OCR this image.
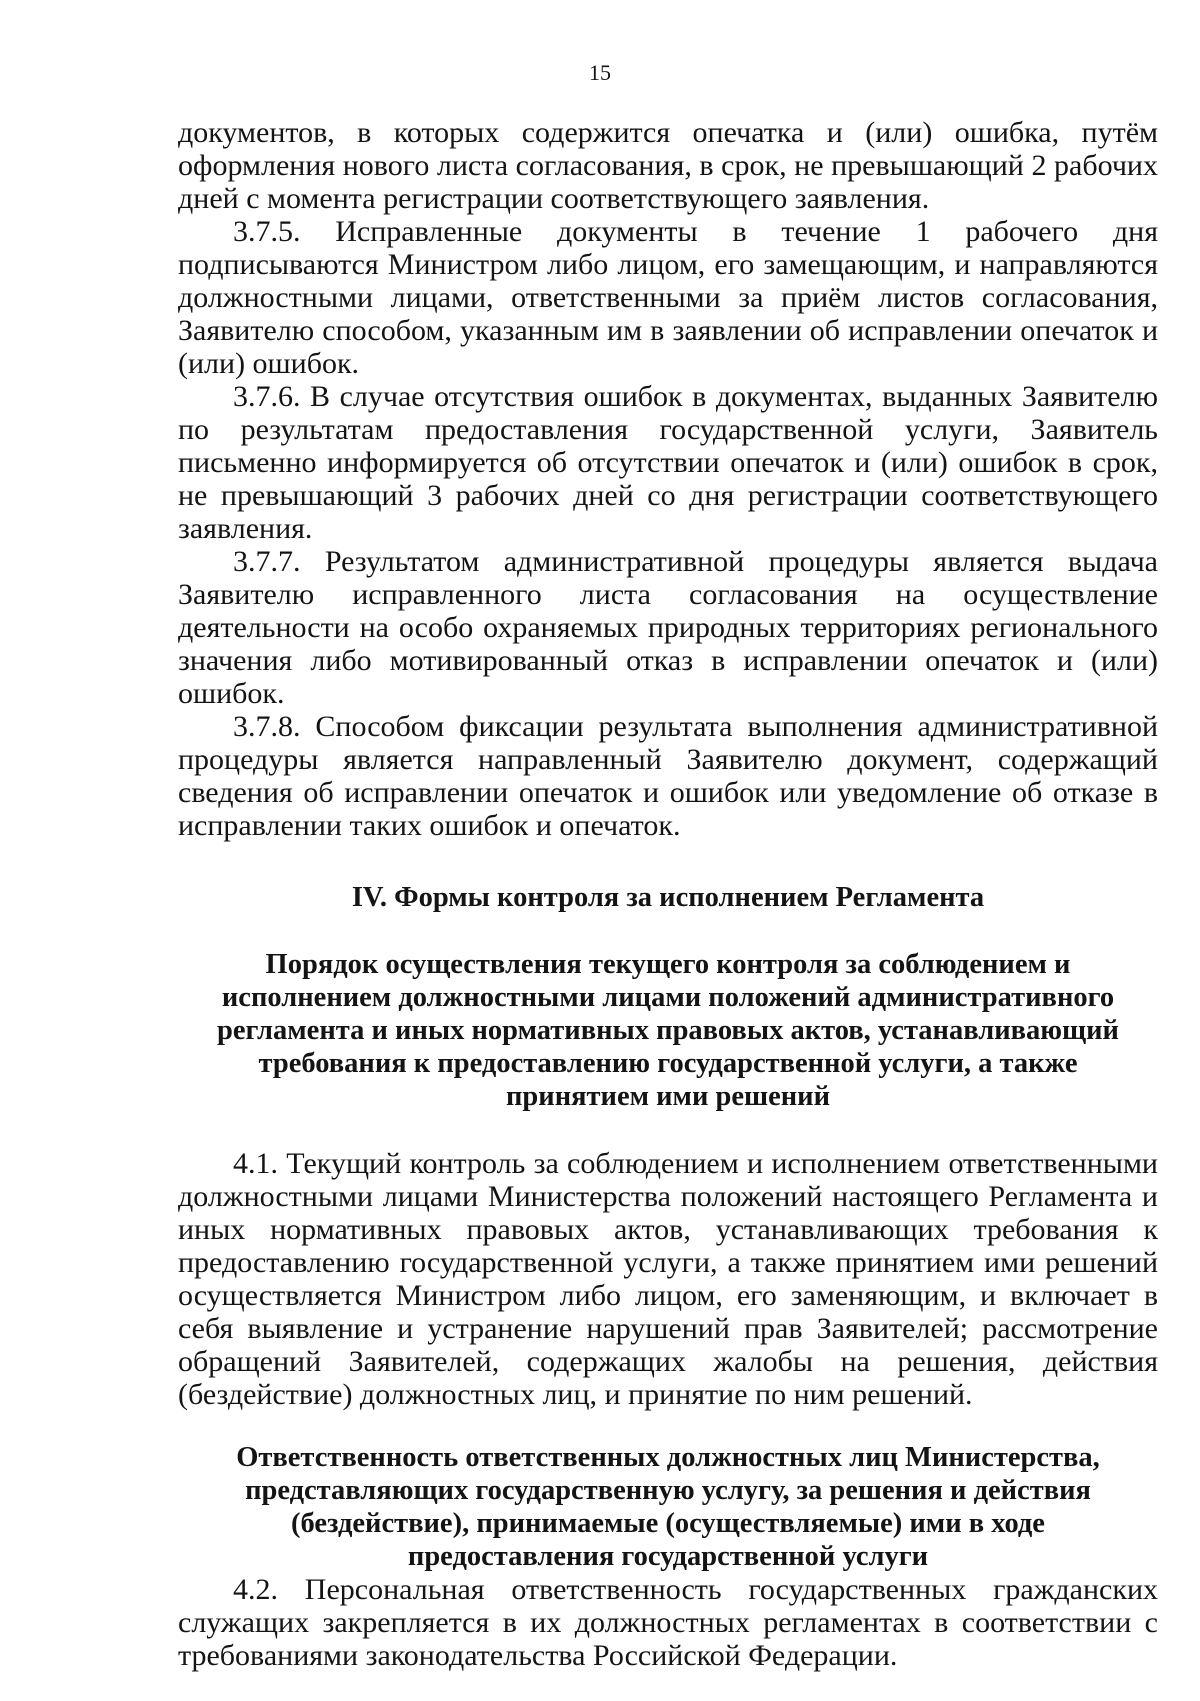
15

документов, в которых содержится опечатка и (или) ошибка, путём оформления нового листа согласования, в срок, не превышающий 2 рабочих дней с момента регистрации соответствующего заявления.

3.7.5. Исправленные документы в течение 1 рабочего дня подписываются Министром либо лицом, его замещающим, и направляются должностными лицами, ответственными за приём листов согласования, Заявителю способом, указанным им в заявлении об исправлении опечаток и (или) ошибок.

3.7.6. В случае отсутствия ошибок в документах, выданных Заявителю по результатам предоставления государственной услуги, Заявитель письменно информируется об отсутствии опечаток и (или) ошибок в срок, не превышающий 3 рабочих дней со дня регистрации соответствующего заявления.

3.7.7. Результатом административной процедуры является выдача Заявителю исправленного листа согласования на осуществление деятельности на особо охраняемых природных территориях регионального значения либо мотивированный отказ в исправлении опечаток и (или) ошибок.

3.7.8. Способом фиксации результата выполнения административной процедуры является направленный Заявителю документ, содержащий сведения об исправлении опечаток и ошибок или уведомление об отказе в исправлении таких ошибок и опечаток.

IV. Формы контроля за исполнением Регламента

Порядок осуществления текущего контроля за соблюдением и исполнением должностными лицами положений административного регламента и иных нормативных правовых актов, устанавливающий требования к предоставлению государственной услуги, а также принятием ими решений

4.1. Текущий контроль за соблюдением и исполнением ответственными должностными лицами Министерства положений настоящего Регламента и иных нормативных правовых актов, устанавливающих требования к предоставлению государственной услуги, а также принятием ими решений осуществляется Министром либо лицом, его заменяющим, и включает в себя выявление и устранение нарушений прав Заявителей; рассмотрение обращений Заявителей, содержащих жалобы на решения, действия (бездействие) должностных лиц, и принятие по ним решений.

Ответственность ответственных должностных лиц Министерства, представляющих государственную услугу, за решения и действия (бездействие), принимаемые (осуществляемые) ими в ходе предоставления государственной услуги

4.2. Персональная ответственность государственных гражданских служащих закрепляется в их должностных регламентах в соответствии с требованиями законодательства Российской Федерации.
